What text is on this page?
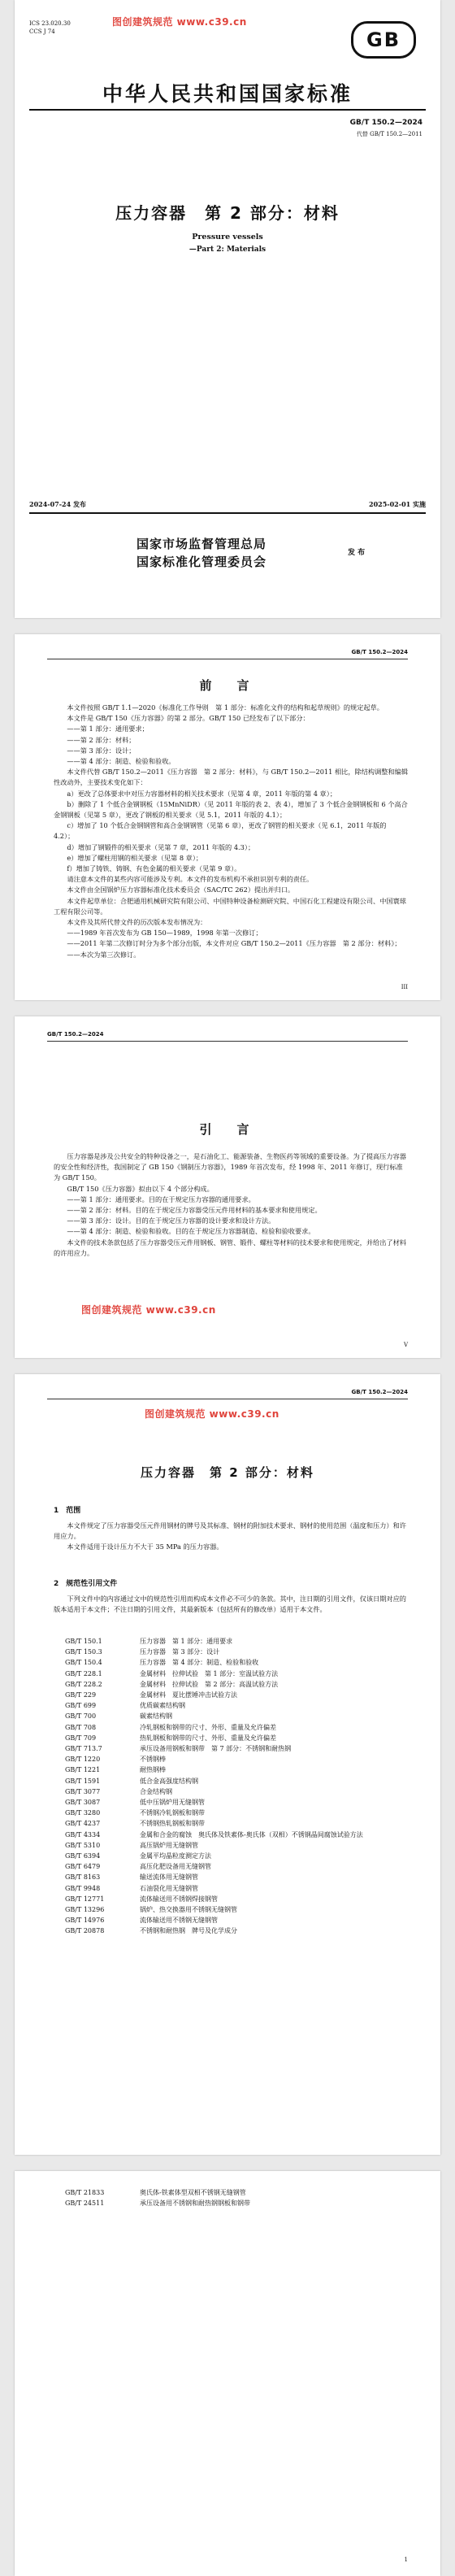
ICS 23.020.30
CCS J 74
图创建筑规范 www.c39.cn
GB
中华人民共和国国家标准
GB/T 150.2—2024
代替 GB/T 150.2—2011
压力容器　第 2 部分：材料
Pressure vessels
—Part 2: Materials
2024-07-24 发布	2025-02-01 实施
国家市场监督管理总局
国家标准化管理委员会
发 布
GB/T 150.2—2024
前　言

本文件按照 GB/T 1.1—2020《标准化工作导则　第 1 部分：标准化文件的结构和起草规则》的规定起草。

本文件是 GB/T 150《压力容器》的第 2 部分。GB/T 150 已经发布了以下部分：

——第 1 部分：通用要求；

——第 2 部分：材料；

——第 3 部分：设计；

——第 4 部分：制造、检验和验收。

本文件代替 GB/T 150.2—2011《压力容器　第 2 部分：材料》，与 GB/T 150.2—2011 相比，除结构调整和编辑性改动外，主要技术变化如下：

a）更改了总体要求中对压力容器材料的相关技术要求（见第 4 章，2011 年版的第 4 章）；

b）删除了 1 个低合金钢钢板（15MnNiDR）（见 2011 年版的表 2、表 4），增加了 3 个低合金钢钢板和 6 个高合金钢钢板（见第 5 章），更改了钢板的相关要求（见 5.1，2011 年版的 4.1）；

c）增加了 10 个低合金钢钢管和高合金钢钢管（见第 6 章），更改了钢管的相关要求（见 6.1，2011 年版的 4.2）；

d）增加了钢锻件的相关要求（见第 7 章，2011 年版的 4.3）；

e）增加了螺柱用钢的相关要求（见第 8 章）；

f）增加了铸铁、铸钢、有色金属的相关要求（见第 9 章）。

请注意本文件的某些内容可能涉及专利。本文件的发布机构不承担识别专利的责任。

本文件由全国锅炉压力容器标准化技术委员会（SAC/TC 262）提出并归口。

本文件起草单位：合肥通用机械研究院有限公司、中国特种设备检测研究院、中国石化工程建设有限公司、中国寰球工程有限公司等。

本文件及其所代替文件的历次版本发布情况为：

——1989 年首次发布为 GB 150—1989，1998 年第一次修订；

——2011 年第二次修订时分为多个部分出版，本文件对应 GB/T 150.2—2011《压力容器　第 2 部分：材料》；

——本次为第三次修订。

III
GB/T 150.2—2024
引　言

压力容器是涉及公共安全的特种设备之一，是石油化工、能源装备、生物医药等领域的重要设备。为了提高压力容器的安全性和经济性，我国制定了 GB 150《钢制压力容器》，1989 年首次发布，经 1998 年、2011 年修订，现行标准为 GB/T 150。

GB/T 150《压力容器》拟由以下 4 个部分构成。

——第 1 部分：通用要求。目的在于规定压力容器的通用要求。

——第 2 部分：材料。目的在于规定压力容器受压元件用材料的基本要求和使用规定。

——第 3 部分：设计。目的在于规定压力容器的设计要求和设计方法。

——第 4 部分：制造、检验和验收。目的在于规定压力容器制造、检验和验收要求。

本文件的技术条款包括了压力容器受压元件用钢板、钢管、锻件、螺柱等材料的技术要求和使用规定，并给出了材料的许用应力。

图创建筑规范 www.c39.cn
V
GB/T 150.2—2024
图创建筑规范 www.c39.cn
压力容器　第 2 部分：材料
1　范围

本文件规定了压力容器受压元件用钢材的牌号及其标准、钢材的附加技术要求、钢材的使用范围（温度和压力）和许用应力。

本文件适用于设计压力不大于 35 MPa 的压力容器。

2　规范性引用文件

下列文件中的内容通过文中的规范性引用而构成本文件必不可少的条款。其中，注日期的引用文件，仅该日期对应的版本适用于本文件；不注日期的引用文件，其最新版本（包括所有的修改单）适用于本文件。

GB/T 150.1	压力容器　第 1 部分：通用要求
GB/T 150.3	压力容器　第 3 部分：设计
GB/T 150.4	压力容器　第 4 部分：制造、检验和验收
GB/T 228.1	金属材料　拉伸试验　第 1 部分：室温试验方法
GB/T 228.2	金属材料　拉伸试验　第 2 部分：高温试验方法
GB/T 229	金属材料　夏比摆锤冲击试验方法
GB/T 699	优质碳素结构钢
GB/T 700	碳素结构钢
GB/T 708	冷轧钢板和钢带的尺寸、外形、重量及允许偏差
GB/T 709	热轧钢板和钢带的尺寸、外形、重量及允许偏差
GB/T 713.7	承压设备用钢板和钢带　第 7 部分：不锈钢和耐热钢
GB/T 1220	不锈钢棒
GB/T 1221	耐热钢棒
GB/T 1591	低合金高强度结构钢
GB/T 3077	合金结构钢
GB/T 3087	低中压锅炉用无缝钢管
GB/T 3280	不锈钢冷轧钢板和钢带
GB/T 4237	不锈钢热轧钢板和钢带
GB/T 4334	金属和合金的腐蚀　奥氏体及铁素体-奥氏体（双相）不锈钢晶间腐蚀试验方法
GB/T 5310	高压锅炉用无缝钢管
GB/T 6394	金属平均晶粒度测定方法
GB/T 6479	高压化肥设备用无缝钢管
GB/T 8163	输送流体用无缝钢管
GB/T 9948	石油裂化用无缝钢管
GB/T 12771	流体输送用不锈钢焊接钢管
GB/T 13296	锅炉、热交换器用不锈钢无缝钢管
GB/T 14976	流体输送用不锈钢无缝钢管
GB/T 20878	不锈钢和耐热钢　牌号及化学成分
GB/T 21833	奥氏体-铁素体型双相不锈钢无缝钢管
GB/T 24511	承压设备用不锈钢和耐热钢钢板和钢带
1
